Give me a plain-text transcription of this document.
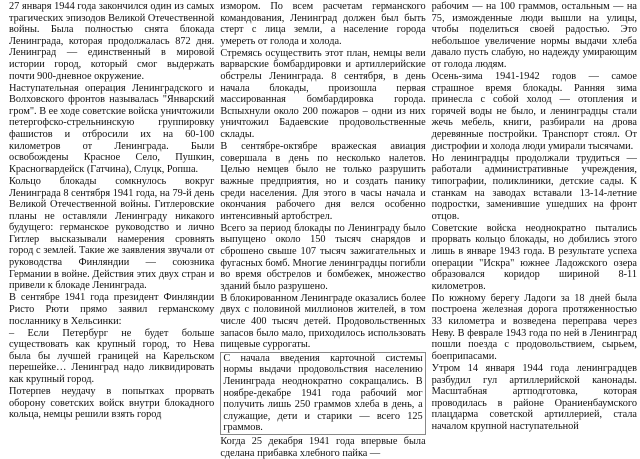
27 января 1944 года закончился один из самых трагических эпизодов Великой Отечественной войны. Была полностью снята блокада Ленинграда, которая продолжалась 872 дня. Ленинград — единственный в мировой истории город, который смог выдержать почти 900-дневное окружение.

Наступательная операция Ленинградского и Волховского фронтов называлась "Январский гром". В ее ходе советские войска уничтожили петергофско-стрельнинскую группировку фашистов и отбросили их на 60-100 километров от Ленинграда. Были освобождены Красное Село, Пушкин, Красногвардейск (Гатчина), Слуцк, Ропша.

Кольцо блокады сомкнулось вокруг Ленинграда 8 сентября 1941 года, на 79-й день Великой Отечественной войны. Гитлеровские планы не оставляли Ленинграду никакого будущего: германское руководство и лично Гитлер высказывали намерения сровнять город с землей. Такие же заявления звучали от руководства Финляндии — союзника Германии в войне. Действия этих двух стран и привели к блокаде Ленинграда.

В сентябре 1941 года президент Финляндии Ристо Рюти прямо заявил германскому посланнику в Хельсинки:

– Если Петербург не будет больше существовать как крупный город, то Нева была бы лучшей границей на Карельском перешейке… Ленинград надо ликвидировать как крупный город.

Потерпев неудачу в попытках прорвать оборону советских войск внутри блокадного кольца, немцы решили взять город

измором. По всем расчетам германского командования, Ленинград должен был быть стерт с лица земли, а население города умереть от голода и холода.

Стремясь осуществить этот план, немцы вели варварские бомбардировки и артиллерийские обстрелы Ленинграда. 8 сентября, в день начала блокады, произошла первая массированная бомбардировка города. Вспыхнули около 200 пожаров – одни из них уничтожил Бадаевские продовольственные склады.

В сентябре-октябре вражеская авиация совершала в день по несколько налетов. Целью немцев было не только разрушить важные предприятия, но и создать панику среди населения. Для этого в часы начала и окончания рабочего дня велся особенно интенсивный артобстрел.

Всего за период блокады по Ленинграду было выпущено около 150 тысяч снарядов и сброшено свыше 107 тысяч зажигательных и фугасных бомб. Многие ленинградцы погибли во время обстрелов и бомбежек, множество зданий было разрушено.

В блокированном Ленинграде оказались более двух с половиной миллионов жителей, в том числе 400 тысяч детей. Продовольственных запасов было мало, приходилось использовать пищевые суррогаты.

С начала введения карточной системы нормы выдачи продовольствия населению Ленинграда неоднократно сокращались. В ноябре-декабре 1941 года рабочий мог получить лишь 250 граммов хлеба в день, а служащие, дети и старики — всего 125 граммов.

Когда 25 декабря 1941 года впервые была сделана прибавка хлебного пайка —

рабочим — на 100 граммов, остальным — на 75, изможденные люди вышли на улицы, чтобы поделиться своей радостью. Это небольшое увеличение нормы выдачи хлеба давало пусть слабую, но надежду умирающим от голода людям.

Осень-зима 1941-1942 годов — самое страшное время блокады. Ранняя зима принесла с собой холод — отопления и горячей воды не было, и ленинградцы стали жечь мебель, книги, разбирали на дрова деревянные постройки. Транспорт стоял. От дистрофии и холода люди умирали тысячами.

Но ленинградцы продолжали трудиться — работали административные учреждения, типографии, поликлиники, детские сады. К станкам на заводах вставали 13-14-летние подростки, заменившие ушедших на фронт отцов.

Советские войска неоднократно пытались прорвать кольцо блокады, но добились этого лишь в январе 1943 года. В результате успеха операции "Искра" южнее Ладожского озера образовался коридор шириной 8-11 километров.

По южному берегу Ладоги за 18 дней была построена железная дорога протяженностью 33 километра и возведена переправа через Неву. В феврале 1943 года по ней в Ленинград пошли поезда с продовольствием, сырьем, боеприпасами.

Утром 14 января 1944 года ленинградцев разбудил гул артиллерийской канонады. Масштабная артподготовка, которая проводилась в районе Ораниенбаумского плацдарма советской артиллерией, стала началом крупной наступательной
